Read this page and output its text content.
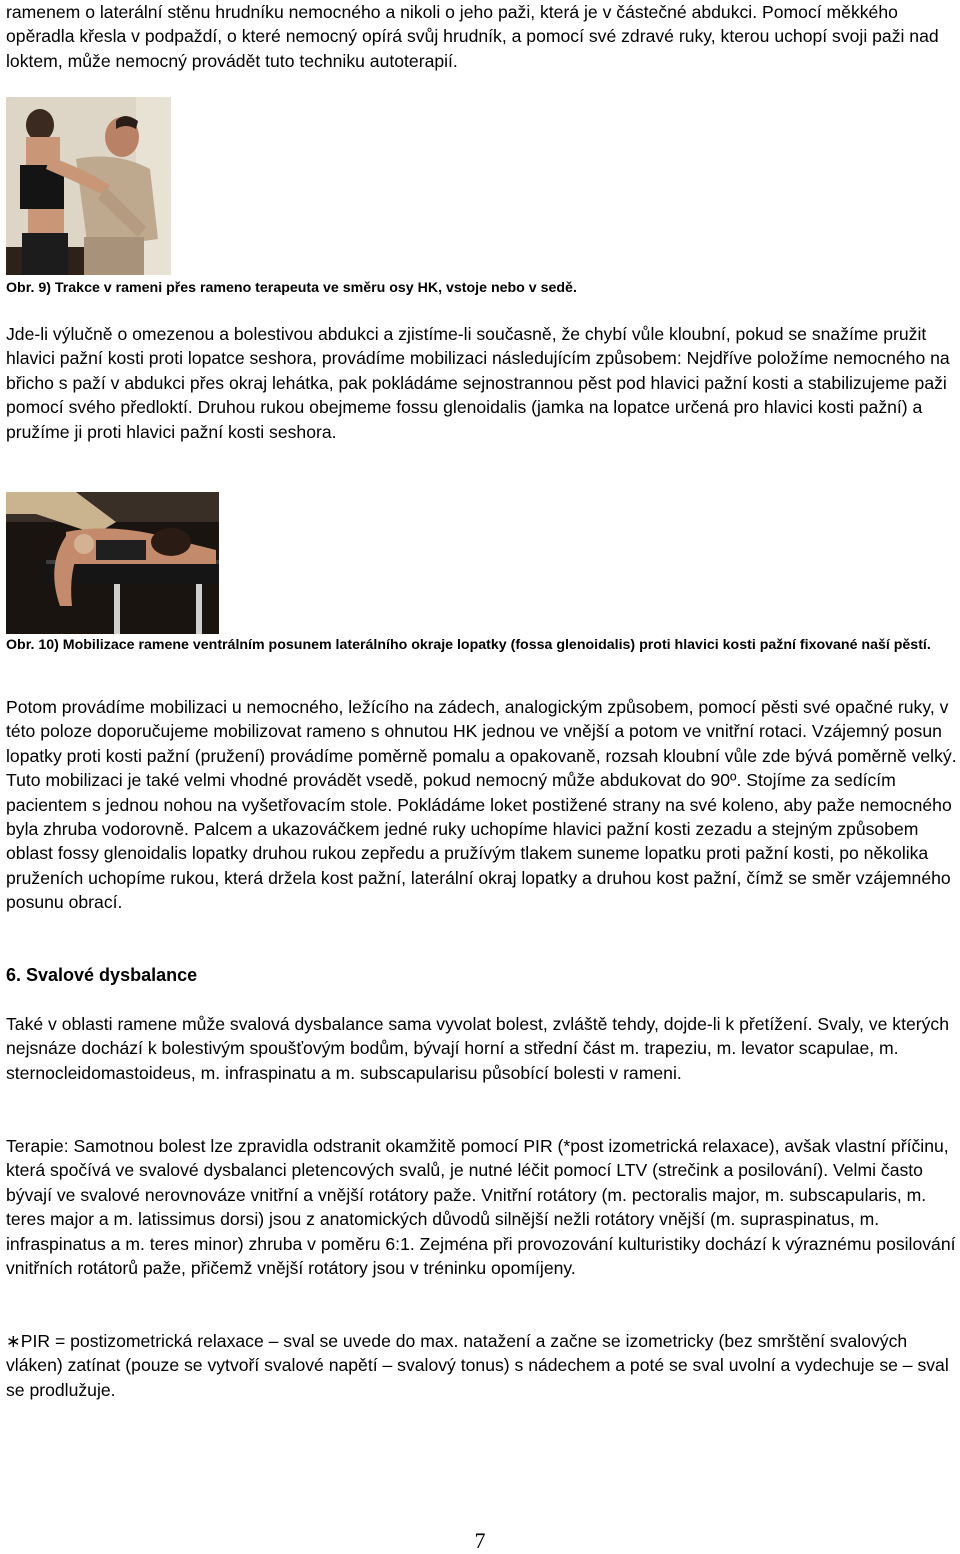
ramenem o laterální stěnu hrudníku nemocného a nikoli o jeho paži, která je v částečné abdukci. Pomocí měkkého opěradla křesla v podpaždí, o které nemocný opírá svůj hrudník, a pomocí své zdravé ruky, kterou uchopí svoji paži nad loktem, může nemocný provádět tuto techniku autoterapií.

Obr. 9) Trakce v rameni přes rameno terapeuta ve směru osy HK, vstoje nebo v sedě.

Jde-li výlučně o omezenou a bolestivou abdukci a zjistíme-li současně, že chybí vůle kloubní, pokud se snažíme pružit hlavici pažní kosti proti lopatce seshora, provádíme mobilizaci následujícím způsobem: Nejdříve položíme nemocného na břicho s paží v abdukci přes okraj lehátka, pak pokládáme sejnostrannou pěst pod hlavici pažní kosti a stabilizujeme paži pomocí svého předloktí. Druhou rukou obejmeme fossu glenoidalis (jamka na lopatce určená pro hlavici kosti pažní) a pružíme ji proti hlavici pažní kosti seshora.

Obr. 10) Mobilizace ramene ventrálním posunem laterálního okraje lopatky (fossa glenoidalis) proti hlavici kosti pažní fixované naší pěstí.

Potom provádíme mobilizaci u nemocného, ležícího na zádech, analogickým způsobem, pomocí pěsti své opačné ruky, v této poloze doporučujeme mobilizovat rameno s ohnutou HK jednou ve vnější a potom ve vnitřní rotaci. Vzájemný posun lopatky proti kosti pažní (pružení) provádíme poměrně pomalu a opakovaně, rozsah kloubní vůle zde bývá poměrně velký. Tuto mobilizaci je také velmi vhodné provádět vsedě, pokud nemocný může abdukovat do 90º. Stojíme za sedícím pacientem s jednou nohou na vyšetřovacím stole. Pokládáme loket postižené strany na své koleno, aby paže nemocného byla zhruba vodorovně. Palcem a ukazováčkem jedné ruky uchopíme hlavici pažní kosti zezadu a stejným způsobem oblast fossy glenoidalis lopatky druhou rukou zepředu a pružívým tlakem suneme lopatku proti pažní kosti, po několika pruženích uchopíme rukou, která držela kost pažní, laterální okraj lopatky a druhou kost pažní, čímž se směr vzájemného posunu obrací.

6. Svalové dysbalance

Také v oblasti ramene může svalová dysbalance sama vyvolat bolest, zvláště tehdy, dojde-li k přetížení. Svaly, ve kterých nejsnáze dochází k bolestivým spoušťovým bodům, bývají horní a střední část m. trapeziu, m. levator scapulae, m. sternocleidomastoideus, m. infraspinatu a m. subscapularisu působící bolesti v rameni.

Terapie: Samotnou bolest lze zpravidla odstranit okamžitě pomocí PIR (*post izometrická relaxace), avšak vlastní příčinu, která spočívá ve svalové dysbalanci pletencových svalů, je nutné léčit pomocí LTV (strečink a posilování). Velmi často bývají ve svalové nerovnováze vnitřní a vnější rotátory paže. Vnitřní rotátory (m. pectoralis major, m. subscapularis, m. teres major a m. latissimus dorsi) jsou z anatomických důvodů silnější nežli rotátory vnější (m. supraspinatus, m. infraspinatus a m. teres minor) zhruba v poměru 6:1. Zejména při provozování kulturistiky dochází k výraznému posilování vnitřních rotátorů paže, přičemž vnější rotátory jsou v tréninku opomíjeny.

∗PIR = postizometrická relaxace – sval se uvede do max. natažení a začne se izometricky (bez smrštění svalových vláken) zatínat (pouze se vytvoří svalové napětí – svalový tonus) s nádechem a poté se sval uvolní a vydechuje se – sval se prodlužuje.

7
